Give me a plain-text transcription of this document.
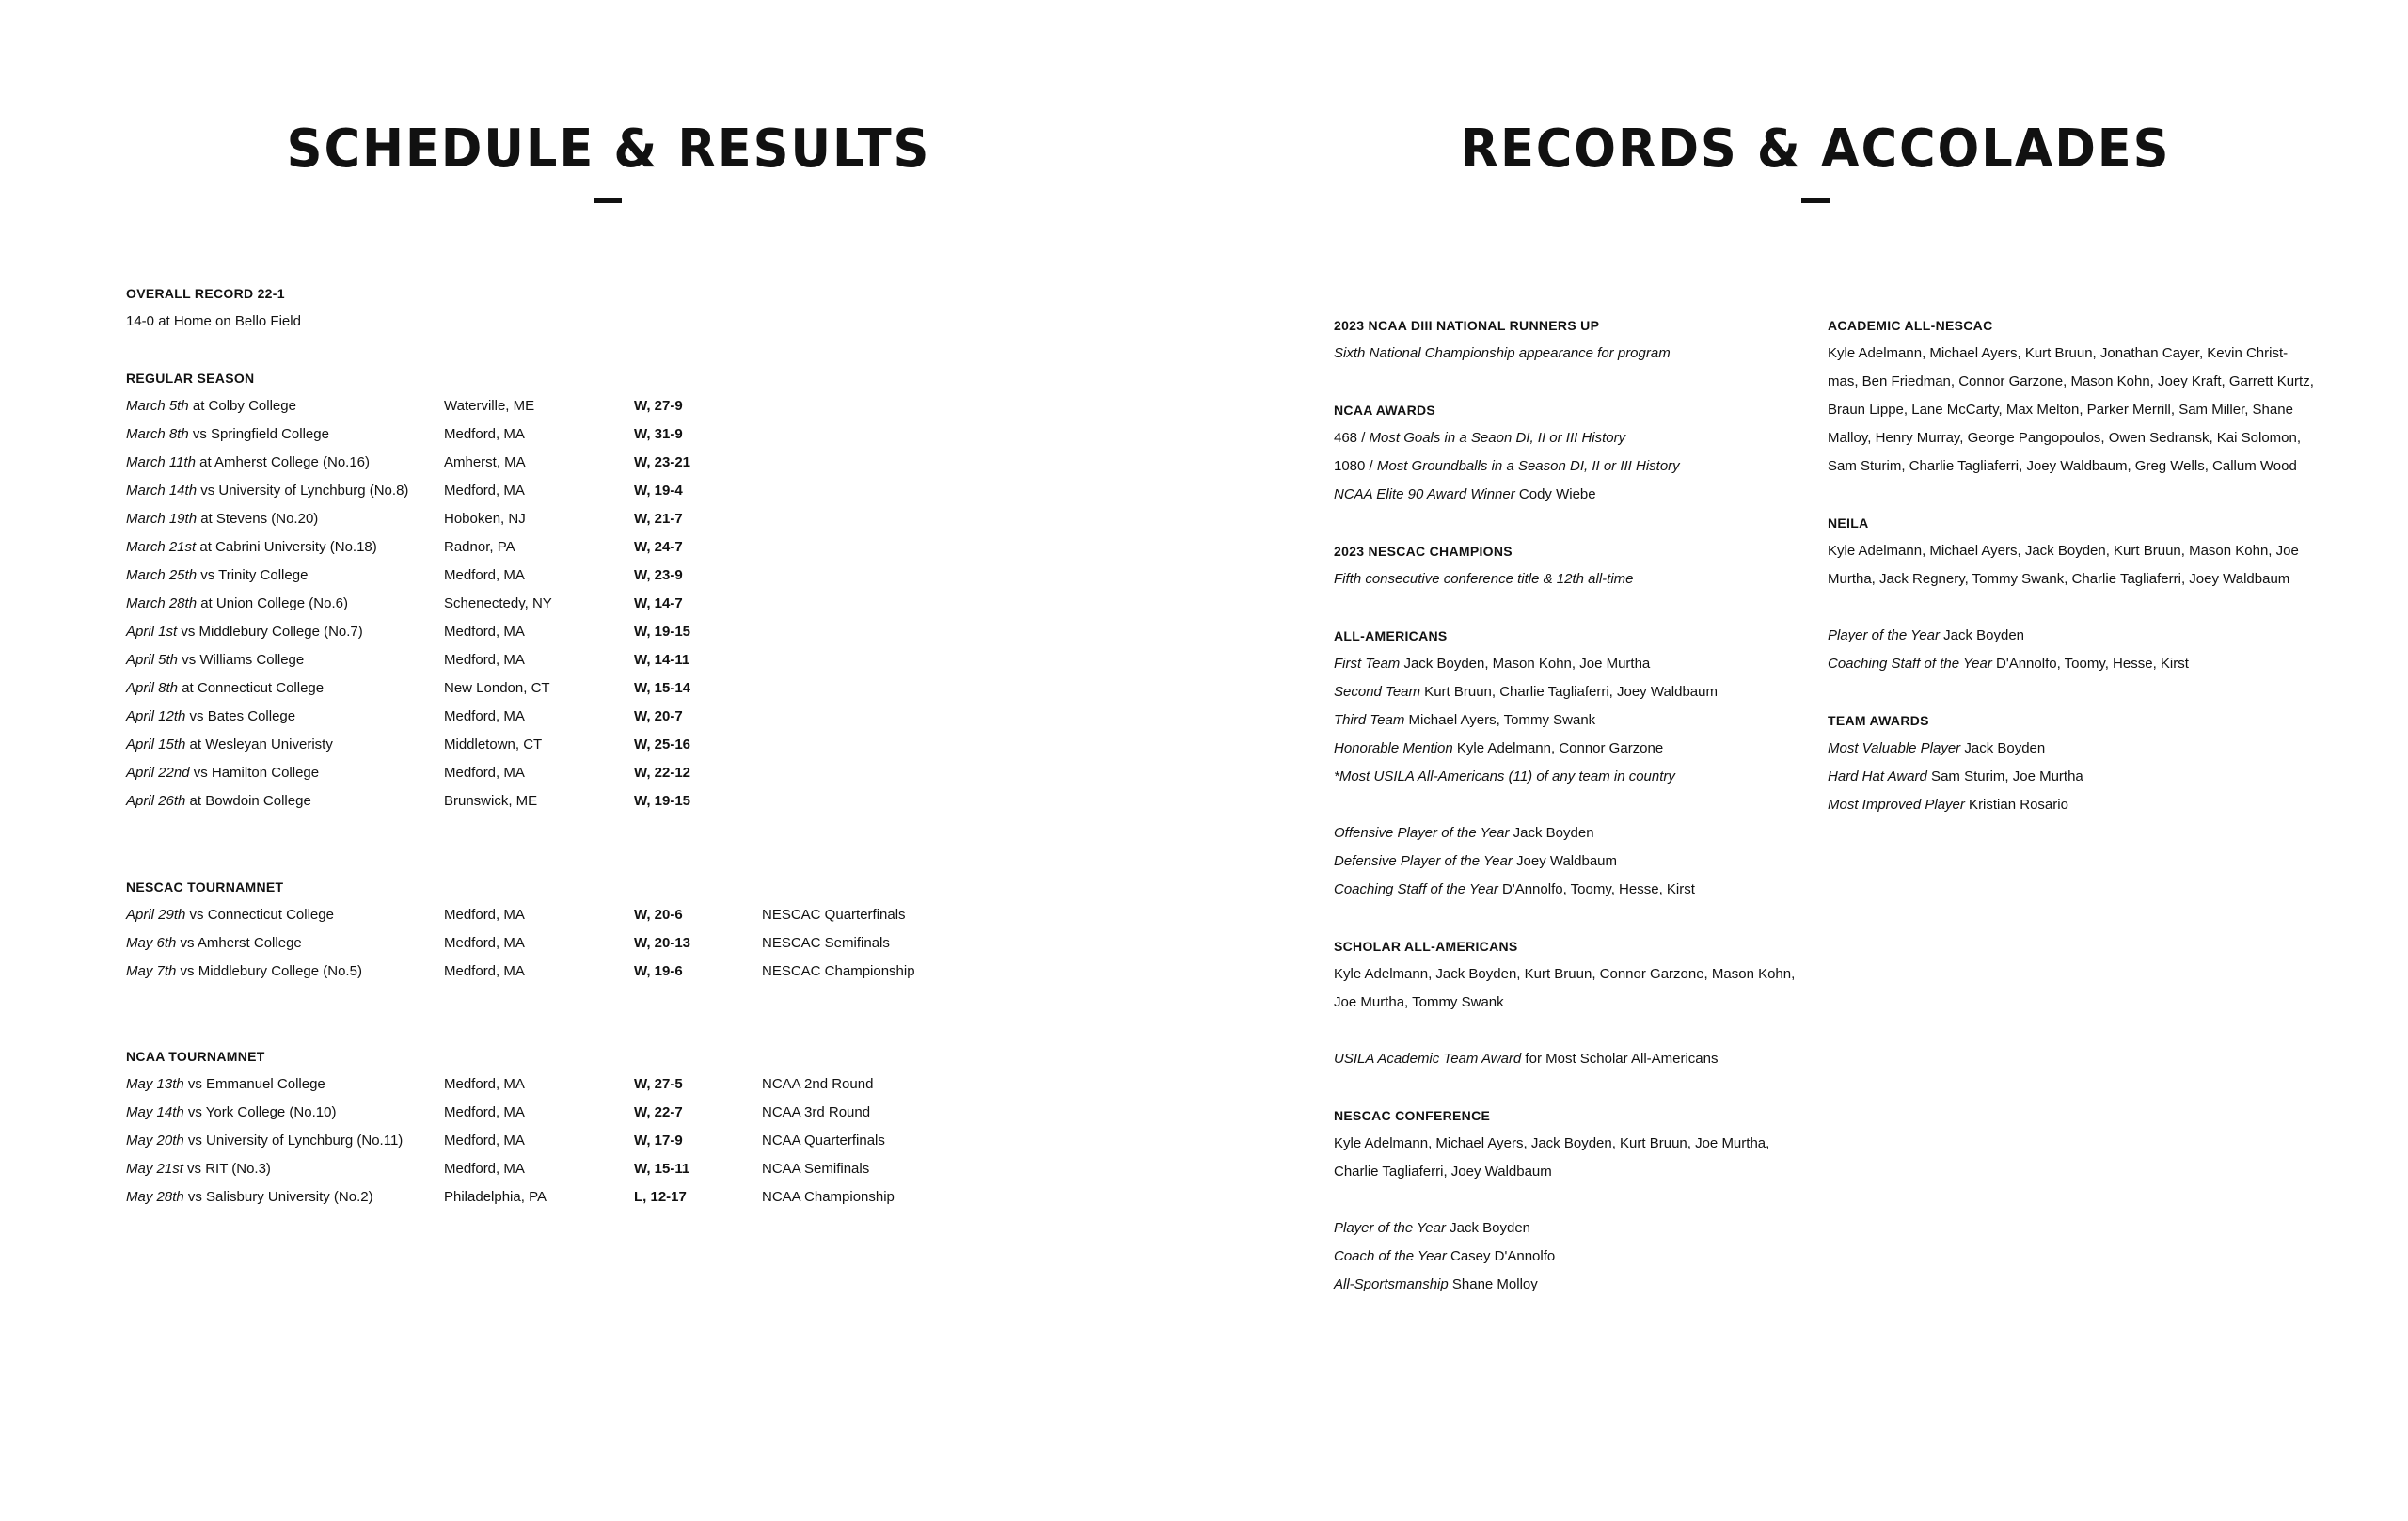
SCHEDULE & RESULTS	RECORDS & ACCOLADES
OVERALL RECORD 22-1
14-0 at Home on Bello Field
REGULAR SEASON
March 5th at Colby College	Waterville, ME	W, 27-9
March 8th vs Springfield College	Medford, MA	W, 31-9
March 11th at Amherst College (No.16)	Amherst, MA	W, 23-21
March 14th vs University of Lynchburg (No.8)	Medford, MA	W, 19-4
March 19th at Stevens (No.20)	Hoboken, NJ	W, 21-7
March 21st at Cabrini University (No.18)	Radnor, PA	W, 24-7
March 25th vs Trinity College	Medford, MA	W, 23-9
March 28th at Union College (No.6)	Schenectedy, NY	W, 14-7
April 1st vs Middlebury College (No.7)	Medford, MA	W, 19-15
April 5th vs Williams College	Medford, MA	W, 14-11
April 8th at Connecticut College	New London, CT	W, 15-14
April 12th vs Bates College	Medford, MA	W, 20-7
April 15th at Wesleyan Univeristy	Middletown, CT	W, 25-16
April 22nd vs Hamilton College	Medford, MA	W, 22-12
April 26th at Bowdoin College	Brunswick, ME	W, 19-15
NESCAC TOURNAMNET
April 29th vs Connecticut College	Medford, MA	W, 20-6	NESCAC Quarterfinals
May 6th vs Amherst College	Medford, MA	W, 20-13	NESCAC Semifinals
May 7th vs Middlebury College (No.5)	Medford, MA	W, 19-6	NESCAC Championship
NCAA TOURNAMNET
May 13th vs Emmanuel College	Medford, MA	W, 27-5	NCAA 2nd Round
May 14th vs York College (No.10)	Medford, MA	W, 22-7	NCAA 3rd Round
May 20th vs University of Lynchburg (No.11)	Medford, MA	W, 17-9	NCAA Quarterfinals
May 21st vs RIT (No.3)	Medford, MA	W, 15-11	NCAA Semifinals
May 28th vs Salisbury University (No.2)	Philadelphia, PA	L, 12-17	NCAA Championship
2023 NCAA DIII NATIONAL RUNNERS UP
Sixth National Championship appearance for program
NCAA AWARDS
468 / Most Goals in a Seaon DI, II or III History
1080 / Most Groundballs in a Season DI, II or III History
NCAA Elite 90 Award Winner Cody Wiebe
2023 NESCAC CHAMPIONS
Fifth consecutive conference title & 12th all-time
ALL-AMERICANS
First Team Jack Boyden, Mason Kohn, Joe Murtha
Second Team Kurt Bruun, Charlie Tagliaferri, Joey Waldbaum
Third Team Michael Ayers, Tommy Swank
Honorable Mention Kyle Adelmann, Connor Garzone
*Most USILA All-Americans (11) of any team in country
Offensive Player of the Year Jack Boyden
Defensive Player of the Year Joey Waldbaum
Coaching Staff of the Year D'Annolfo, Toomy, Hesse, Kirst
SCHOLAR ALL-AMERICANS
Kyle Adelmann, Jack Boyden, Kurt Bruun, Connor Garzone, Mason Kohn,
Joe Murtha, Tommy Swank
USILA Academic Team Award for Most Scholar All-Americans
NESCAC CONFERENCE
Kyle Adelmann, Michael Ayers, Jack Boyden, Kurt Bruun, Joe Murtha,
Charlie Tagliaferri, Joey Waldbaum
Player of the Year Jack Boyden
Coach of the Year Casey D'Annolfo
All-Sportsmanship Shane Molloy
ACADEMIC ALL-NESCAC
Kyle Adelmann, Michael Ayers, Kurt Bruun, Jonathan Cayer, Kevin Christ-
mas, Ben Friedman, Connor Garzone, Mason Kohn, Joey Kraft, Garrett Kurtz,
Braun Lippe, Lane McCarty, Max Melton, Parker Merrill, Sam Miller, Shane
Malloy, Henry Murray, George Pangopoulos, Owen Sedransk, Kai Solomon,
Sam Sturim, Charlie Tagliaferri, Joey Waldbaum, Greg Wells, Callum Wood
NEILA
Kyle Adelmann, Michael Ayers, Jack Boyden, Kurt Bruun, Mason Kohn, Joe
Murtha, Jack Regnery, Tommy Swank, Charlie Tagliaferri, Joey Waldbaum
Player of the Year Jack Boyden
Coaching Staff of the Year D'Annolfo, Toomy, Hesse, Kirst
TEAM AWARDS
Most Valuable Player Jack Boyden
Hard Hat Award Sam Sturim, Joe Murtha
Most Improved Player Kristian Rosario
